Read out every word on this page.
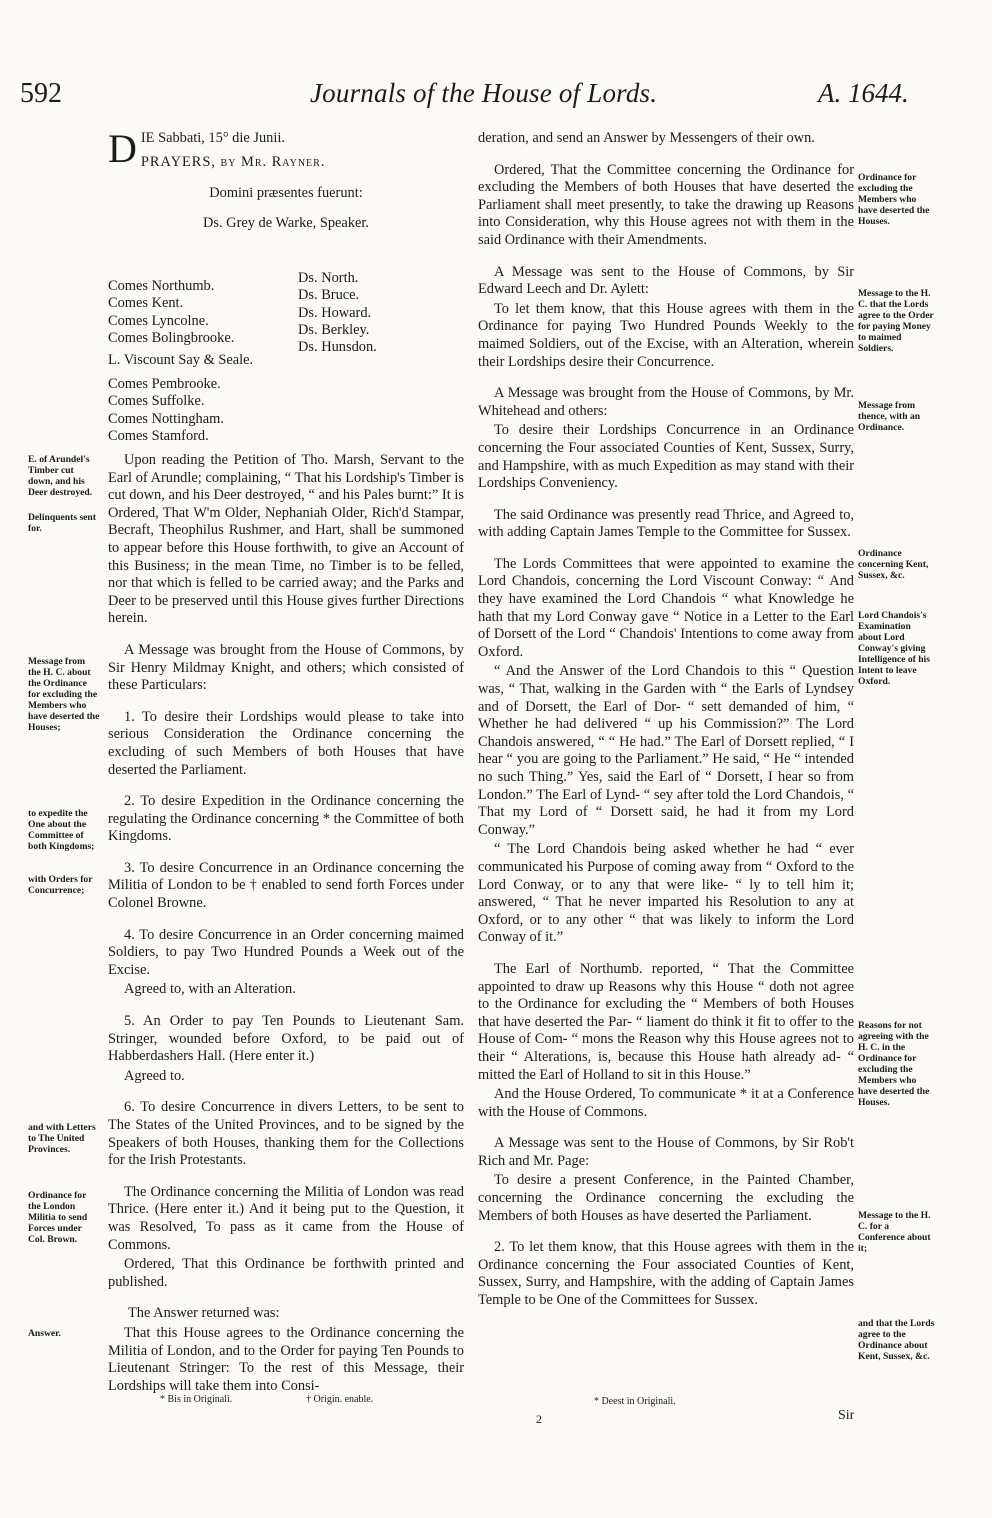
592	Journals of the House of Lords.	A. 1644.

D IE Sabbati, 15° die Junii.

PRAYERS, by Mr. Rayner.

Domini præsentes fuerunt:

Ds. Grey de Warke, Speaker.

Comes Northumb.
Comes Kent.
Comes Lyncolne.
Comes Bolingbrooke.
Ds. North.
Ds. Bruce.
Ds. Howard.
Ds. Berkley.
Ds. Hunsdon.
L. Viscount Say & Seale.
Comes Pembrooke.
Comes Suffolke.
Comes Nottingham.
Comes Stamford.

Upon reading the Petition of Tho. Marsh, Servant to the Earl of Arundle; complaining, “ That his Lordship's Timber is cut down, and his Deer destroyed, “ and his Pales burnt:” It is Ordered, That W'm Older, Nephaniah Older, Rich'd Stampar, Becraft, Theophilus Rushmer, and Hart, shall be summoned to appear before this House forthwith, to give an Account of this Business; in the mean Time, no Timber is to be felled, nor that which is felled to be carried away; and the Parks and Deer to be preserved until this House gives further Directions herein.

A Message was brought from the House of Commons, by Sir Henry Mildmay Knight, and others; which consisted of these Particulars:

1. To desire their Lordships would please to take into serious Consideration the Ordinance concerning the excluding of such Members of both Houses that have deserted the Parliament.

2. To desire Expedition in the Ordinance concerning the regulating the Ordinance concerning * the Committee of both Kingdoms.

3. To desire Concurrence in an Ordinance concerning the Militia of London to be † enabled to send forth Forces under Colonel Browne.

4. To desire Concurrence in an Order concerning maimed Soldiers, to pay Two Hundred Pounds a Week out of the Excise.

Agreed to, with an Alteration.

5. An Order to pay Ten Pounds to Lieutenant Sam. Stringer, wounded before Oxford, to be paid out of Habberdashers Hall. (Here enter it.)

Agreed to.

6. To desire Concurrence in divers Letters, to be sent to The States of the United Provinces, and to be signed by the Speakers of both Houses, thanking them for the Collections for the Irish Protestants.

The Ordinance concerning the Militia of London was read Thrice. (Here enter it.) And it being put to the Question, it was Resolved, To pass as it came from the House of Commons.

Ordered, That this Ordinance be forthwith printed and published.

The Answer returned was:

That this House agrees to the Ordinance concerning the Militia of London, and to the Order for paying Ten Pounds to Lieutenant Stringer: To the rest of this Message, their Lordships will take them into Consi-

* Bis in Originali.	† Origin. enable.
E. of Arundel's Timber cut down, and his Deer destroyed.
Delinquents sent for.
Message from the H. C. about the Ordinance for excluding the Members who have deserted the Houses;
to expedite the One about the Committee of both Kingdoms;
with Orders for Concurrence;
and with Letters to The United Provinces.
Ordinance for the London Militia to send Forces under Col. Brown.
Answer.

deration, and send an Answer by Messengers of their own.

Ordered, That the Committee concerning the Ordinance for excluding the Members of both Houses that have deserted the Parliament shall meet presently, to take the drawing up Reasons into Consideration, why this House agrees not with them in the said Ordinance with their Amendments.

A Message was sent to the House of Commons, by Sir Edward Leech and Dr. Aylett:

To let them know, that this House agrees with them in the Ordinance for paying Two Hundred Pounds Weekly to the maimed Soldiers, out of the Excise, with an Alteration, wherein their Lordships desire their Concurrence.

A Message was brought from the House of Commons, by Mr. Whitehead and others:

To desire their Lordships Concurrence in an Ordinance concerning the Four associated Counties of Kent, Sussex, Surry, and Hampshire, with as much Expedition as may stand with their Lordships Conveniency.

The said Ordinance was presently read Thrice, and Agreed to, with adding Captain James Temple to the Committee for Sussex.

The Lords Committees that were appointed to examine the Lord Chandois, concerning the Lord Viscount Conway: “ And they have examined the Lord Chandois “ what Knowledge he hath that my Lord Conway gave “ Notice in a Letter to the Earl of Dorsett of the Lord “ Chandois' Intentions to come away from Oxford.

“ And the Answer of the Lord Chandois to this “ Question was, “ That, walking in the Garden with “ the Earls of Lyndsey and of Dorsett, the Earl of Dor- “ sett demanded of him, “ Whether he had delivered “ up his Commission?” The Lord Chandois answered, “ “ He had.” The Earl of Dorsett replied, “ I hear “ you are going to the Parliament.” He said, “ He “ intended no such Thing.” Yes, said the Earl of “ Dorsett, I hear so from London.” The Earl of Lynd- “ sey after told the Lord Chandois, “ That my Lord of “ Dorsett said, he had it from my Lord Conway.”

“ The Lord Chandois being asked whether he had “ ever communicated his Purpose of coming away from “ Oxford to the Lord Conway, or to any that were like- “ ly to tell him it; answered, “ That he never imparted his Resolution to any at Oxford, or to any other “ that was likely to inform the Lord Conway of it.”

The Earl of Northumb. reported, “ That the Committee appointed to draw up Reasons why this House “ doth not agree to the Ordinance for excluding the “ Members of both Houses that have deserted the Par- “ liament do think it fit to offer to the House of Com- “ mons the Reason why this House agrees not to their “ Alterations, is, because this House hath already ad- “ mitted the Earl of Holland to sit in this House.”

And the House Ordered, To communicate * it at a Conference with the House of Commons.

A Message was sent to the House of Commons, by Sir Rob't Rich and Mr. Page:

To desire a present Conference, in the Painted Chamber, concerning the Ordinance concerning the excluding the Members of both Houses as have deserted the Parliament.

2. To let them know, that this House agrees with them in the Ordinance concerning the Four associated Counties of Kent, Sussex, Surry, and Hampshire, with the adding of Captain James Temple to be One of the Committees for Sussex.

* Deest in Originali.
2	Sir
Ordinance for excluding the Members who have deserted the Houses.
Message to the H. C. that the Lords agree to the Order for paying Money to maimed Soldiers.
Message from thence, with an Ordinance.
Ordinance concerning Kent, Sussex, &c.
Lord Chandois's Examination about Lord Conway's giving Intelligence of his Intent to leave Oxford.
Reasons for not agreeing with the H. C. in the Ordinance for excluding the Members who have deserted the Houses.
Message to the H. C. for a Conference about it;
and that the Lords agree to the Ordinance about Kent, Sussex, &c.
